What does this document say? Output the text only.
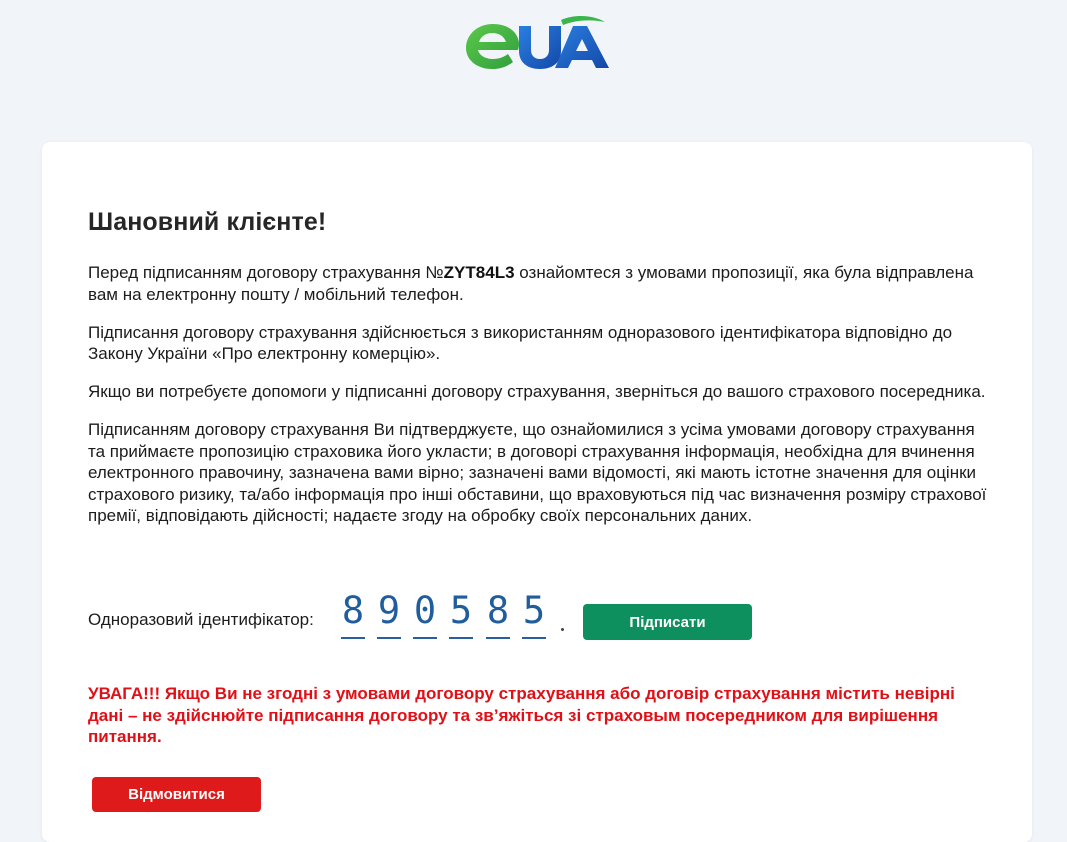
Шановний клієнте!

Перед підписанням договору страхування №ZYT84L3 ознайомтеся з умовами пропозиції, яка була відправлена вам на електронну пошту / мобільний телефон.

Підписання договору страхування здійснюється з використанням одноразового ідентифікатора відповідно до Закону України «Про електронну комерцію».

Якщо ви потребуєте допомоги у підписанні договору страхування, зверніться до вашого страхового посередника.

Підписанням договору страхування Ви підтверджуєте, що ознайомилися з усіма умовами договору страхування та приймаєте пропозицію страховика його укласти; в договорі страхування інформація, необхідна для вчинення електронного правочину, зазначена вами вірно; зазначені вами відомості, які мають істотне значення для оцінки страхового ризику, та/або інформація про інші обставини, що враховуються під час визначення розміру страхової премії, відповідають дійсності; надаєте згоду на обробку своїх персональних даних.

Одноразовий ідентифікатор: 8 9 0 5 8 5	Підписати

УВАГА!!! Якщо Ви не згодні з умовами договору страхування або договір страхування містить невірні дані – не здійснюйте підписання договору та зв’яжіться зі страховым посередником для вирішення питання.

Відмовитися
